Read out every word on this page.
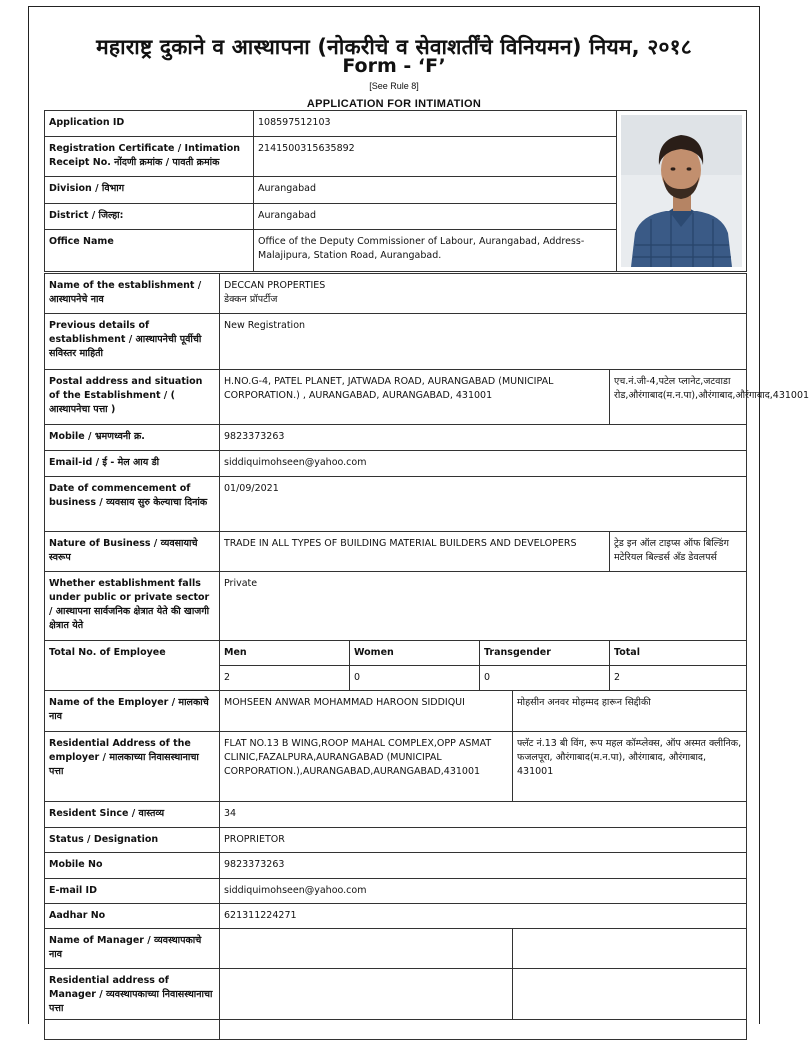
महाराष्ट्र दुकाने व आस्थापना (नोकरीचे व सेवाशर्तींचे विनियमन) नियम, २०१८
Form - ‘F’
[See Rule 8]
APPLICATION FOR INTIMATION
Application ID	108597512103	

Registration Certificate / Intimation Receipt No. नोंदणी क्रमांक / पावती क्रमांक	2141500315635892	
Division / विभाग	Aurangabad	
District / जिल्हा:	Aurangabad	
Office Name	Office of the Deputy Commissioner of Labour, Aurangabad, Address-Malajipura, Station Road, Aurangabad.	
Name of the establishment / आस्थापनेचे नाव	DECCAN PROPERTIES
डेक्कन प्रॉपर्टीज				

Previous details of establishment / आस्थापनेची पूर्वीची सविस्तर माहिती	New Registration				
Postal address and situation of the Establishment / ( आस्थापनेचा पत्ता )	H.NO.G-4, PATEL PLANET, JATWADA ROAD, AURANGABAD (MUNICIPAL CORPORATION.) , AURANGABAD, AURANGABAD, 431001				एच.नं.जी-4,पटेल प्लानेट,जटवाडा रोड,औरंगाबाद(म.न.पा),औरंगाबाद,औरंगाबाद,431001
Mobile / भ्रमणध्वनी क्र.	9823373263				
Email-id / ई - मेल आय डी	siddiquimohseen@yahoo.com				
Date of commencement of business / व्यवसाय सुरु केल्याचा दिनांक	01/09/2021				
Nature of Business / व्यवसायाचे स्वरूप	TRADE IN ALL TYPES OF BUILDING MATERIAL BUILDERS AND DEVELOPERS				ट्रेड इन ऑल टाइप्स ऑफ बिल्डिंग मटेरियल बिल्डर्स अँड डेवलपर्स
Whether establishment falls under public or private sector / आस्थापना सार्वजनिक क्षेत्रात येते की खाजगी क्षेत्रात येते	Private				
Total No. of Employee	Men	Women	Transgender		Total
	2	0	0		2
Name of the Employer / मालकाचे नाव	MOHSEEN ANWAR MOHAMMAD HAROON SIDDIQUI			मोहसीन अनवर मोहम्मद हारून सिद्दीकी	
Residential Address of the employer / मालकाच्या निवासस्थानाचा पत्ता	FLAT NO.13 B WING,ROOP MAHAL COMPLEX,OPP ASMAT CLINIC,FAZALPURA,AURANGABAD (MUNICIPAL CORPORATION.),AURANGABAD,AURANGABAD,431001			फ्लॅट नं.13 बी विंग, रूप महल कॉम्प्लेक्स, ऑप अस्मत क्लीनिक, फजलपूरा, औरंगाबाद(म.न.पा), औरंगाबाद, औरंगाबाद, 431001	
Resident Since / वास्तव्य	34				
Status / Designation	PROPRIETOR				
Mobile No	9823373263				
E-mail ID	siddiquimohseen@yahoo.com				
Aadhar No	621311224271				
Name of Manager / व्यवस्थापकाचे नाव					
Residential address of Manager / व्यवस्थापकाच्या निवासस्थानाचा पत्ता					
